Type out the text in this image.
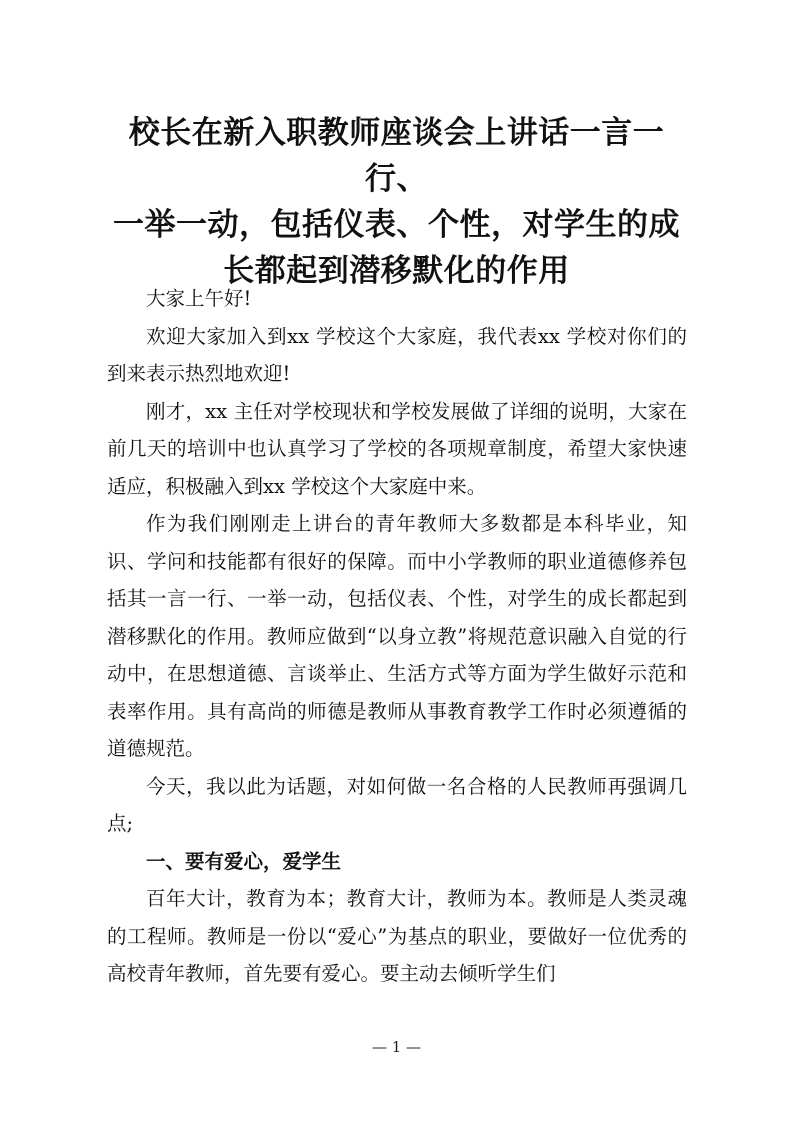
校长在新入职教师座谈会上讲话一言一行、
一举一动，包括仪表、个性，对学生的成
长都起到潜移默化的作用

大家上午好!

欢迎大家加入到xx 学校这个大家庭，我代表xx 学校对你们的到来表示热烈地欢迎!

刚才，xx 主任对学校现状和学校发展做了详细的说明，大家在前几天的培训中也认真学习了学校的各项规章制度，希望大家快速适应，积极融入到xx 学校这个大家庭中来。

作为我们刚刚走上讲台的青年教师大多数都是本科毕业，知识、学问和技能都有很好的保障。而中小学教师的职业道德修养包括其一言一行、一举一动，包括仪表、个性，对学生的成长都起到潜移默化的作用。教师应做到“以身立教”将规范意识融入自觉的行动中，在思想道德、言谈举止、生活方式等方面为学生做好示范和表率作用。具有高尚的师德是教师从事教育教学工作时必须遵循的道德规范。

今天，我以此为话题，对如何做一名合格的人民教师再强调几点;

一、要有爱心，爱学生

百年大计，教育为本；教育大计，教师为本。教师是人类灵魂的工程师。教师是一份以“爱心”为基点的职业，要做好一位优秀的高校青年教师，首先要有爱心。要主动去倾听学生们

— 1 —
